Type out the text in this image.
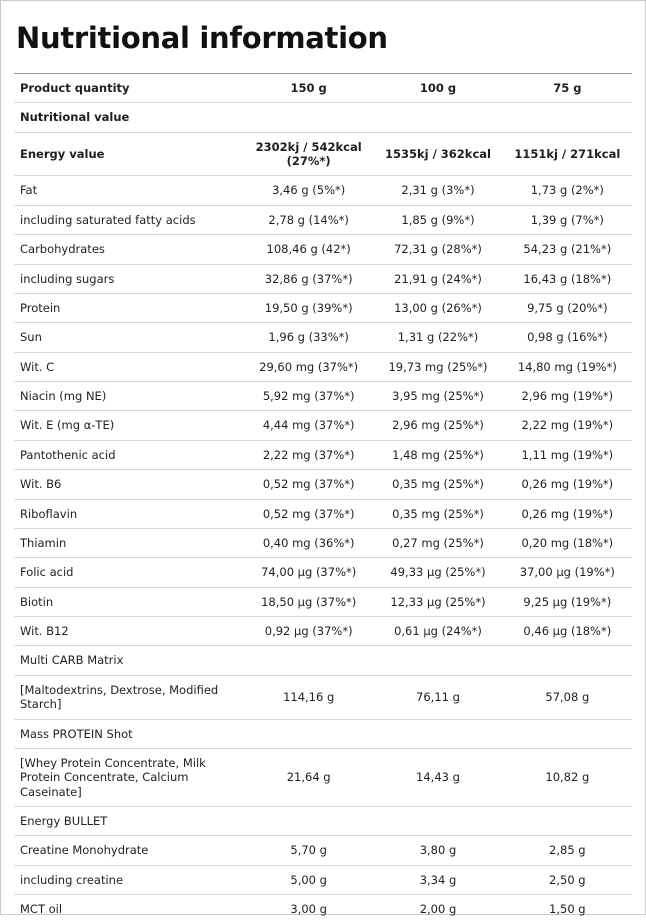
Nutritional information
Product quantity	150 g	100 g	75 g
Nutritional value			
Energy value	2302kj / 542kcal (27%*)	1535kj / 362kcal	1151kj / 271kcal
Fat	3,46 g (5%*)	2,31 g (3%*)	1,73 g (2%*)
including saturated fatty acids	2,78 g (14%*)	1,85 g (9%*)	1,39 g (7%*)
Carbohydrates	108,46 g (42*)	72,31 g (28%*)	54,23 g (21%*)
including sugars	32,86 g (37%*)	21,91 g (24%*)	16,43 g (18%*)
Protein	19,50 g (39%*)	13,00 g (26%*)	9,75 g (20%*)
Sun	1,96 g (33%*)	1,31 g (22%*)	0,98 g (16%*)
Wit. C	29,60 mg (37%*)	19,73 mg (25%*)	14,80 mg (19%*)
Niacin (mg NE)	5,92 mg (37%*)	3,95 mg (25%*)	2,96 mg (19%*)
Wit. E (mg α-TE)	4,44 mg (37%*)	2,96 mg (25%*)	2,22 mg (19%*)
Pantothenic acid	2,22 mg (37%*)	1,48 mg (25%*)	1,11 mg (19%*)
Wit. B6	0,52 mg (37%*)	0,35 mg (25%*)	0,26 mg (19%*)
Riboflavin	0,52 mg (37%*)	0,35 mg (25%*)	0,26 mg (19%*)
Thiamin	0,40 mg (36%*)	0,27 mg (25%*)	0,20 mg (18%*)
Folic acid	74,00 µg (37%*)	49,33 µg (25%*)	37,00 µg (19%*)
Biotin	18,50 µg (37%*)	12,33 µg (25%*)	9,25 µg (19%*)
Wit. B12	0,92 µg (37%*)	0,61 µg (24%*)	0,46 µg (18%*)
Multi CARB Matrix			
[Maltodextrins, Dextrose, Modified Starch]	114,16 g	76,11 g	57,08 g
Mass PROTEIN Shot			
[Whey Protein Concentrate, Milk Protein Concentrate, Calcium Caseinate]	21,64 g	14,43 g	10,82 g
Energy BULLET			
Creatine Monohydrate	5,70 g	3,80 g	2,85 g
including creatine	5,00 g	3,34 g	2,50 g
MCT oil	3,00 g	2,00 g	1,50 g
